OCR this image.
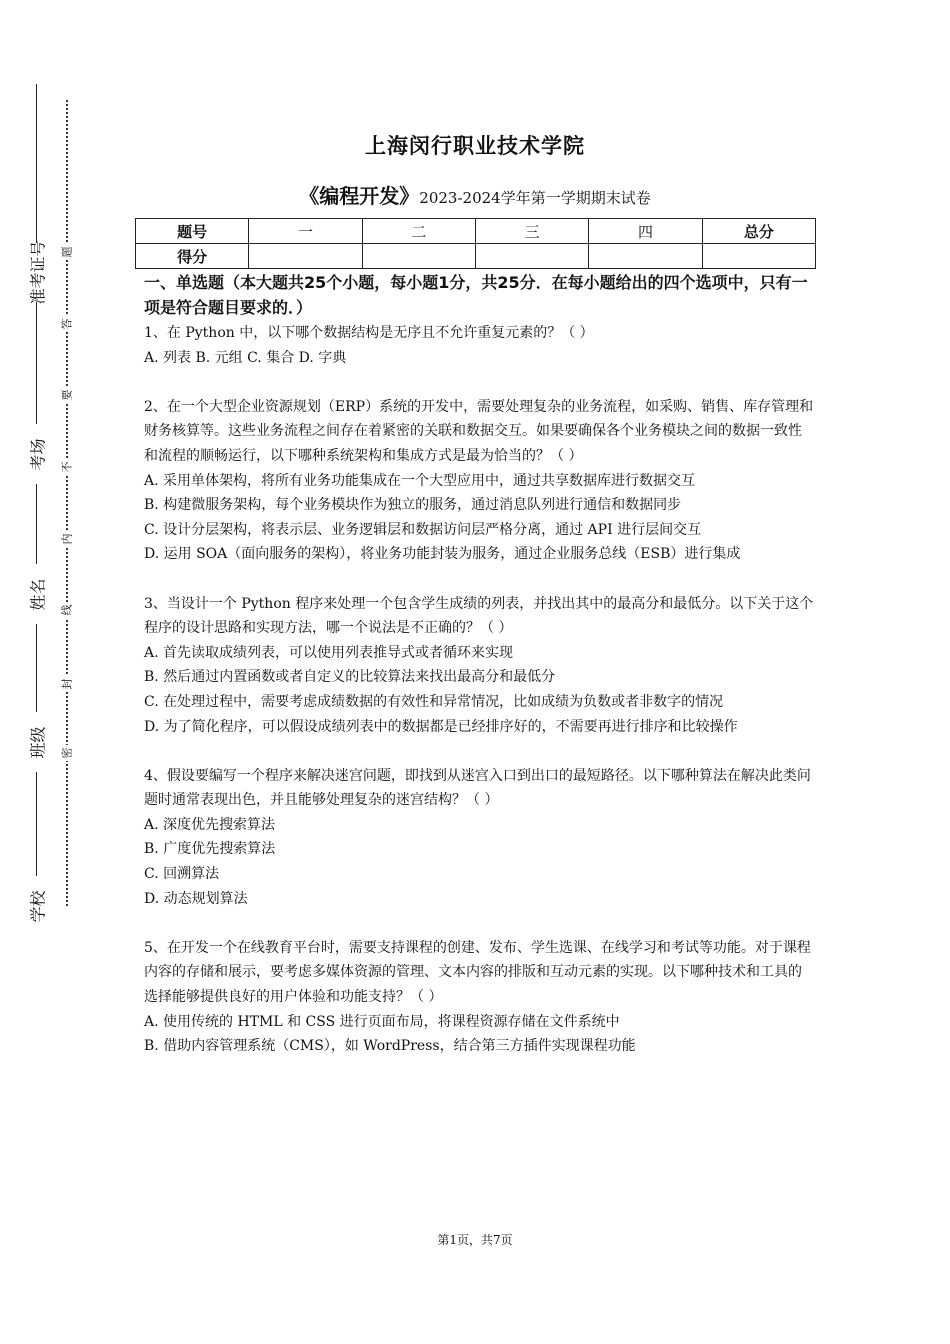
准考证号
考场
姓名
班级
学校
题
答
要
不
内
线
封
密
上海闵行职业技术学院
《编程开发》2023-2024学年第一学期期末试卷
题号	一	二	三	四	总分
得分					
一、单选题（本大题共25个小题，每小题1分，共25分．在每小题给出的四个选项中，只有一项是符合题目要求的．）

1、在 Python 中，以下哪个数据结构是无序且不允许重复元素的？（ ）

A. 列表 B. 元组 C. 集合 D. 字典

2、在一个大型企业资源规划（ERP）系统的开发中，需要处理复杂的业务流程，如采购、销售、库存管理和财务核算等。这些业务流程之间存在着紧密的关联和数据交互。如果要确保各个业务模块之间的数据一致性和流程的顺畅运行，以下哪种系统架构和集成方式是最为恰当的？（ ）

A. 采用单体架构，将所有业务功能集成在一个大型应用中，通过共享数据库进行数据交互

B. 构建微服务架构，每个业务模块作为独立的服务，通过消息队列进行通信和数据同步

C. 设计分层架构，将表示层、业务逻辑层和数据访问层严格分离，通过 API 进行层间交互

D. 运用 SOA（面向服务的架构），将业务功能封装为服务，通过企业服务总线（ESB）进行集成

3、当设计一个 Python 程序来处理一个包含学生成绩的列表，并找出其中的最高分和最低分。以下关于这个程序的设计思路和实现方法，哪一个说法是不正确的？（ ）

A. 首先读取成绩列表，可以使用列表推导式或者循环来实现

B. 然后通过内置函数或者自定义的比较算法来找出最高分和最低分

C. 在处理过程中，需要考虑成绩数据的有效性和异常情况，比如成绩为负数或者非数字的情况

D. 为了简化程序，可以假设成绩列表中的数据都是已经排序好的，不需要再进行排序和比较操作

4、假设要编写一个程序来解决迷宫问题，即找到从迷宫入口到出口的最短路径。以下哪种算法在解决此类问题时通常表现出色，并且能够处理复杂的迷宫结构？（ ）

A. 深度优先搜索算法

B. 广度优先搜索算法

C. 回溯算法

D. 动态规划算法

5、在开发一个在线教育平台时，需要支持课程的创建、发布、学生选课、在线学习和考试等功能。对于课程内容的存储和展示，要考虑多媒体资源的管理、文本内容的排版和互动元素的实现。以下哪种技术和工具的选择能够提供良好的用户体验和功能支持？（ ）

A. 使用传统的 HTML 和 CSS 进行页面布局，将课程资源存储在文件系统中

B. 借助内容管理系统（CMS），如 WordPress，结合第三方插件实现课程功能

第1页，共7页
